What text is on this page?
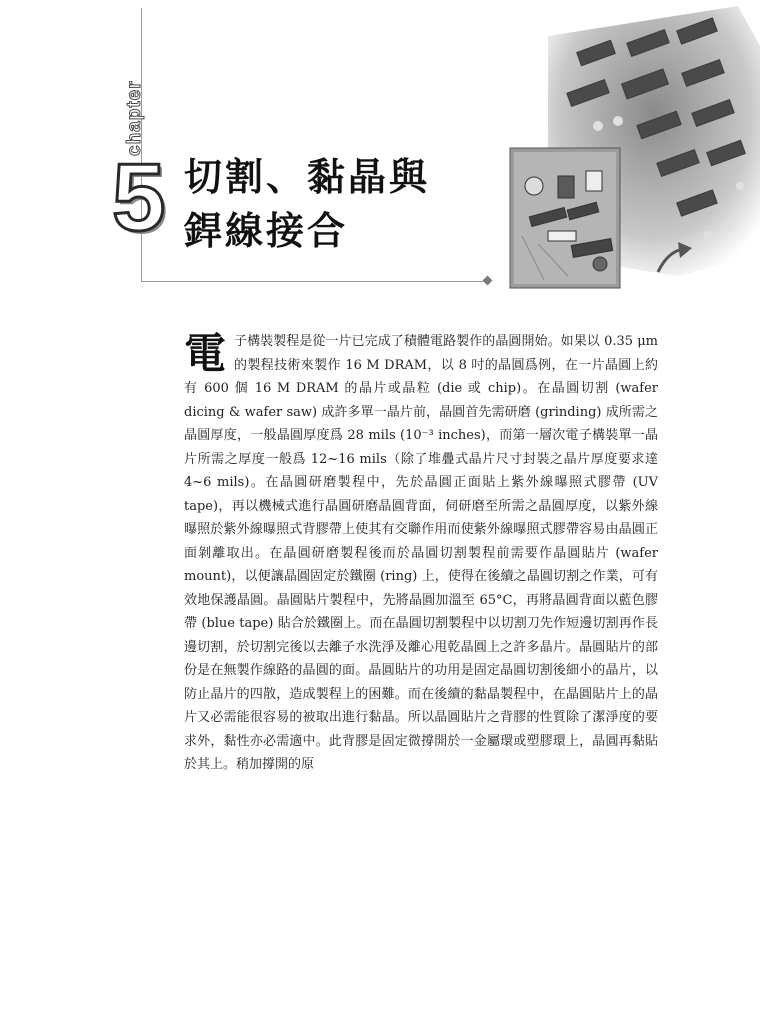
chapter
5 切割、黏晶與
銲線接合
電 子構裝製程是從一片已完成了積體電路製作的晶圓開始。如果以 0.35 μm 的製程技術來製作 16 M DRAM，以 8 吋的晶圓爲例，在一片晶圓上約有 600 個 16 M DRAM 的晶片或晶粒 (die 或 chip)。在晶圓切割 (wafer dicing & wafer saw) 成許多單一晶片前，晶圓首先需研磨 (grinding) 成所需之晶圓厚度，一般晶圓厚度爲 28 mils (10⁻³ inches)，而第一層次電子構裝單一晶片所需之厚度一般爲 12~16 mils（除了堆疊式晶片尺寸封裝之晶片厚度要求達 4~6 mils)。在晶圓研磨製程中，先於晶圓正面貼上紫外線曝照式膠帶 (UV tape)，再以機械式進行晶圓研磨晶圓背面，伺研磨至所需之晶圓厚度，以紫外線曝照於紫外線曝照式背膠帶上使其有交聯作用而使紫外線曝照式膠帶容易由晶圓正面剝離取出。在晶圓研磨製程後而於晶圓切割製程前需要作晶圓貼片 (wafer mount)，以便讓晶圓固定於鐵圈 (ring) 上，使得在後續之晶圓切割之作業，可有效地保護晶圓。晶圓貼片製程中，先將晶圓加溫至 65°C，再將晶圓背面以藍色膠帶 (blue tape) 貼合於鐵圈上。而在晶圓切割製程中以切割刀先作短邊切割再作長邊切割，於切割完後以去離子水洗淨及離心甩乾晶圓上之許多晶片。晶圓貼片的部份是在無製作線路的晶圓的面。晶圓貼片的功用是固定晶圓切割後細小的晶片，以防止晶片的四散，造成製程上的困難。而在後續的黏晶製程中，在晶圓貼片上的晶片又必需能很容易的被取出進行黏晶。所以晶圓貼片之背膠的性質除了潔淨度的要求外，黏性亦必需適中。此背膠是固定微撐開於一金屬環或塑膠環上，晶圓再黏貼於其上。稍加撐開的原
